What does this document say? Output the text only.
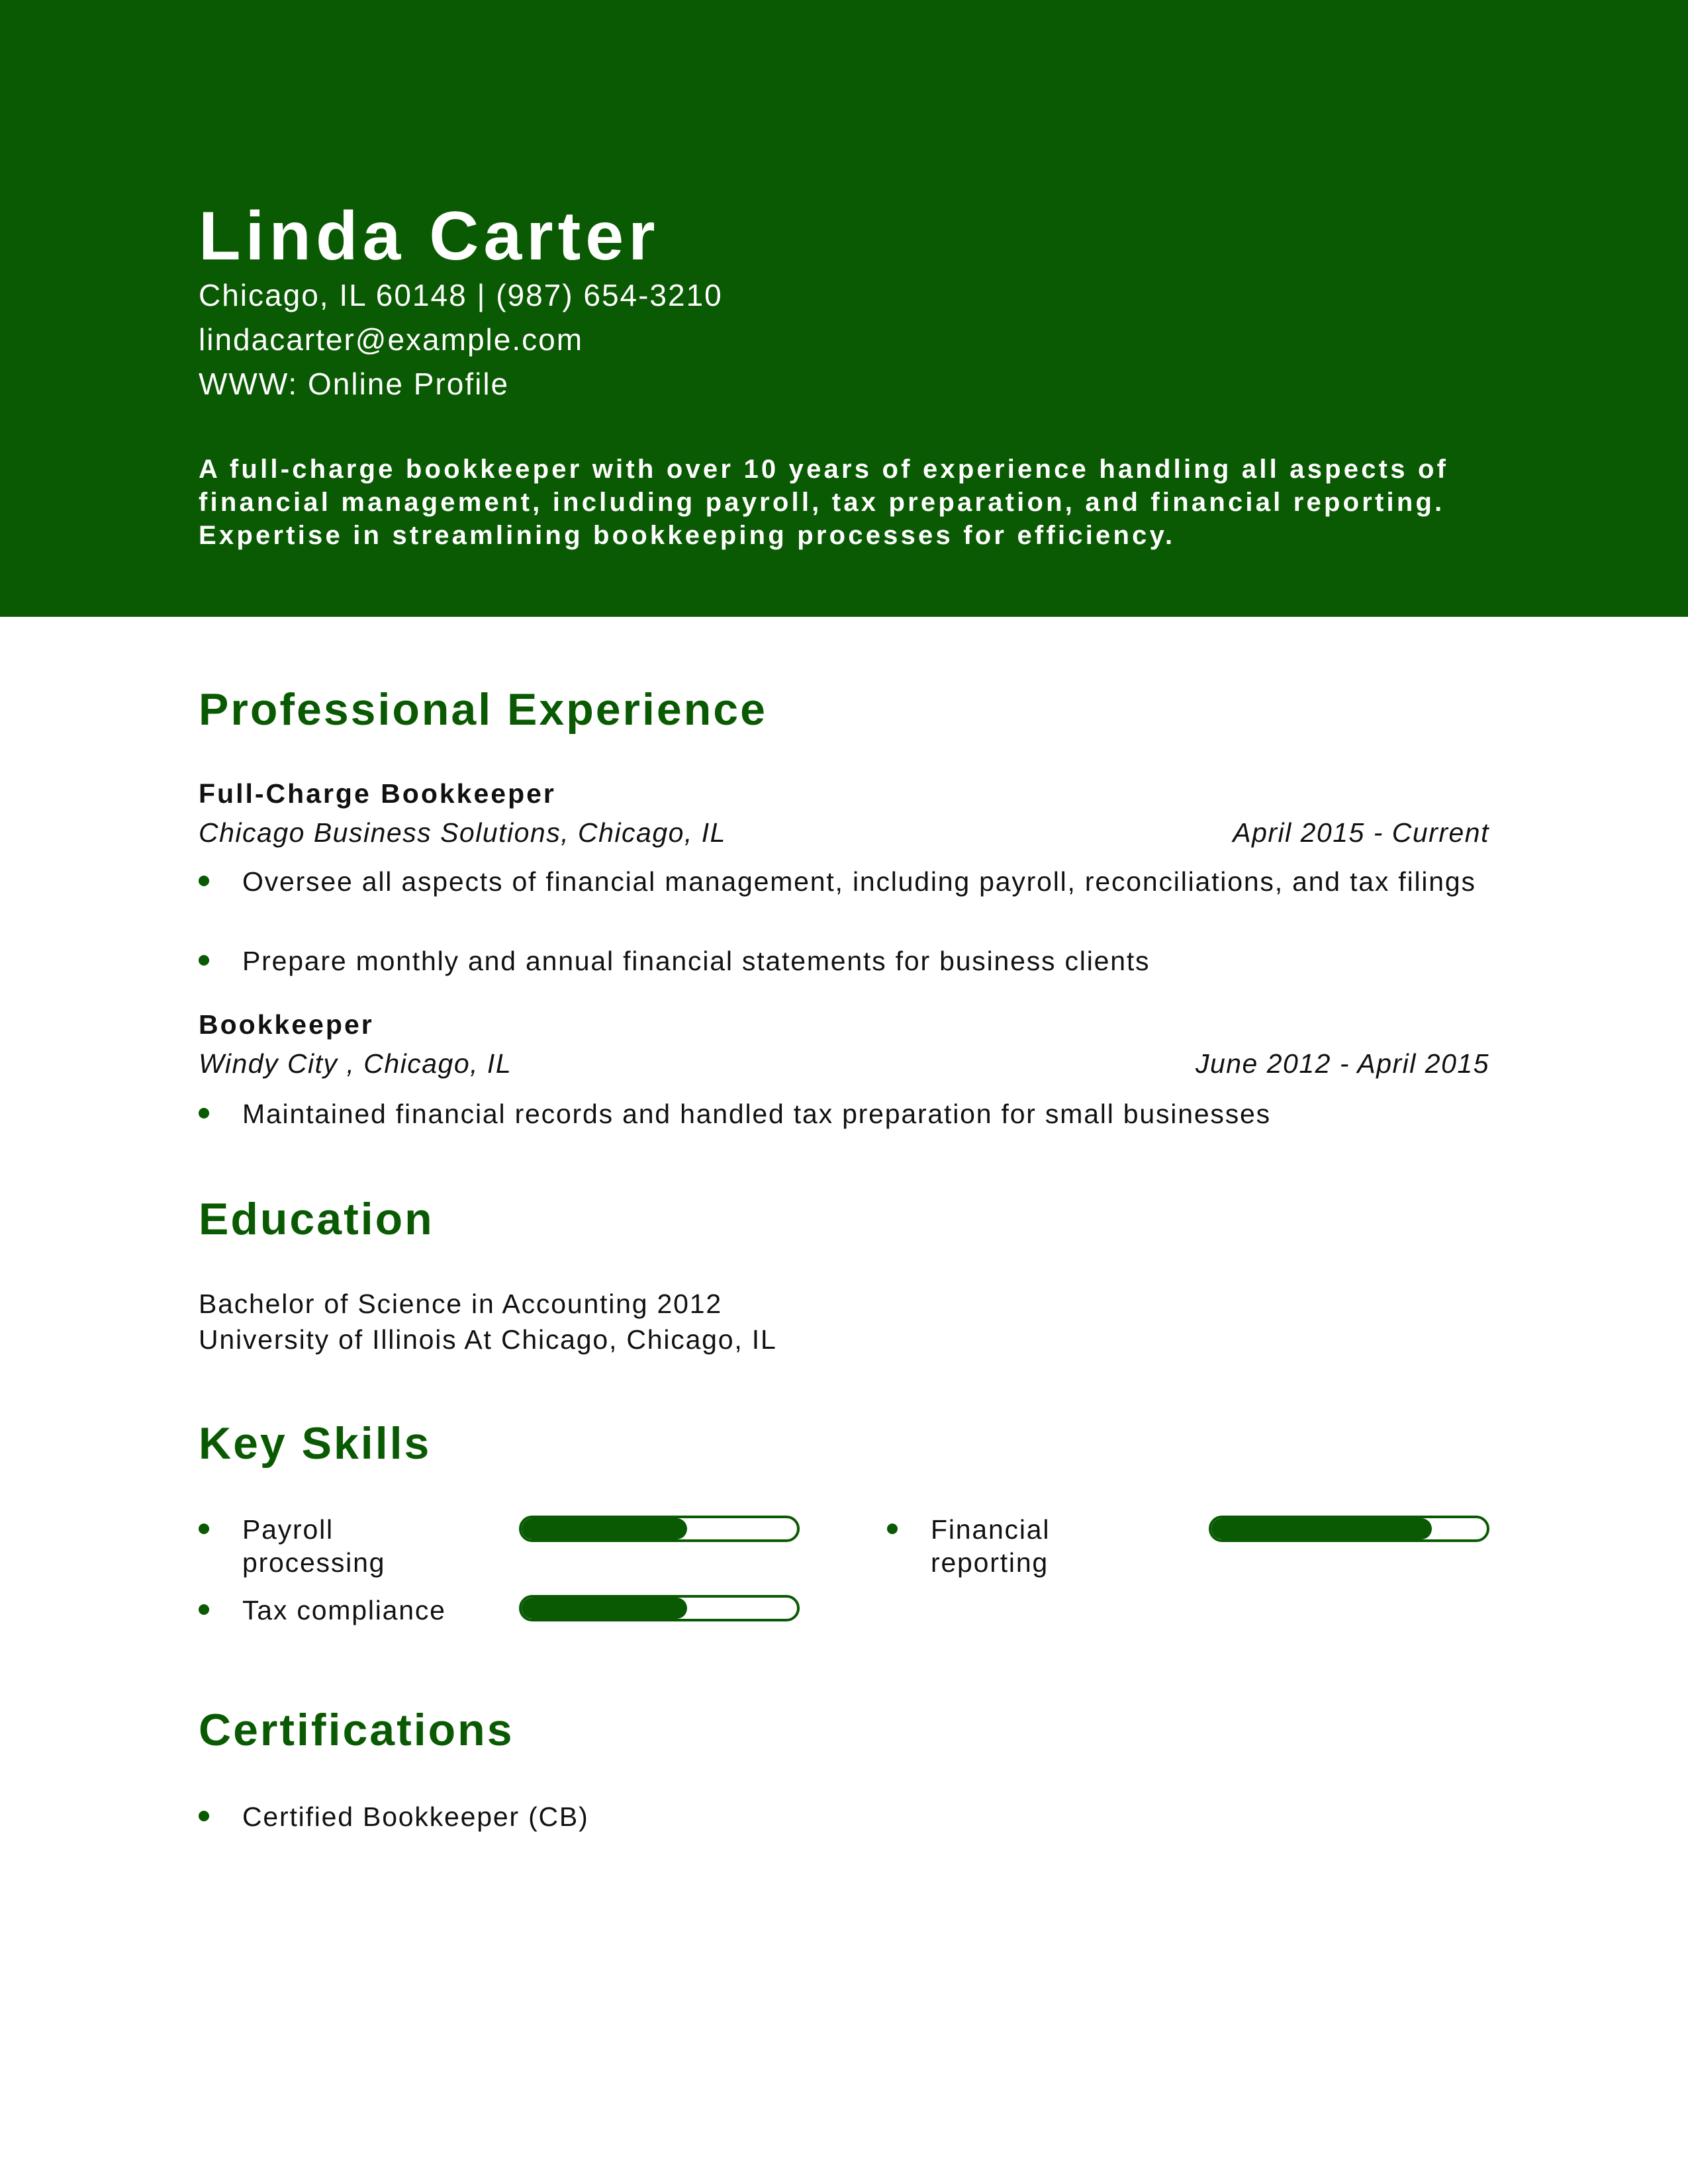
Linda Carter
Chicago, IL 60148 | (987) 654-3210
lindacarter@example.com
WWW: Online Profile

A full-charge bookkeeper with over 10 years of experience handling all aspects of financial management, including payroll, tax preparation, and financial reporting. Expertise in streamlining bookkeeping processes for efficiency.

Professional Experience
Full-Charge Bookkeeper
Chicago Business Solutions, Chicago, IL	April 2015 - Current
Oversee all aspects of financial management, including payroll, reconciliations, and tax filings
Prepare monthly and annual financial statements for business clients
Bookkeeper
Windy City , Chicago, IL	June 2012 - April 2015
Maintained financial records and handled tax preparation for small businesses
Education
Bachelor of Science in Accounting 2012
University of Illinois At Chicago, Chicago, IL
Key Skills
Payroll processing
Financial reporting
Tax compliance
Certifications
Certified Bookkeeper (CB)
